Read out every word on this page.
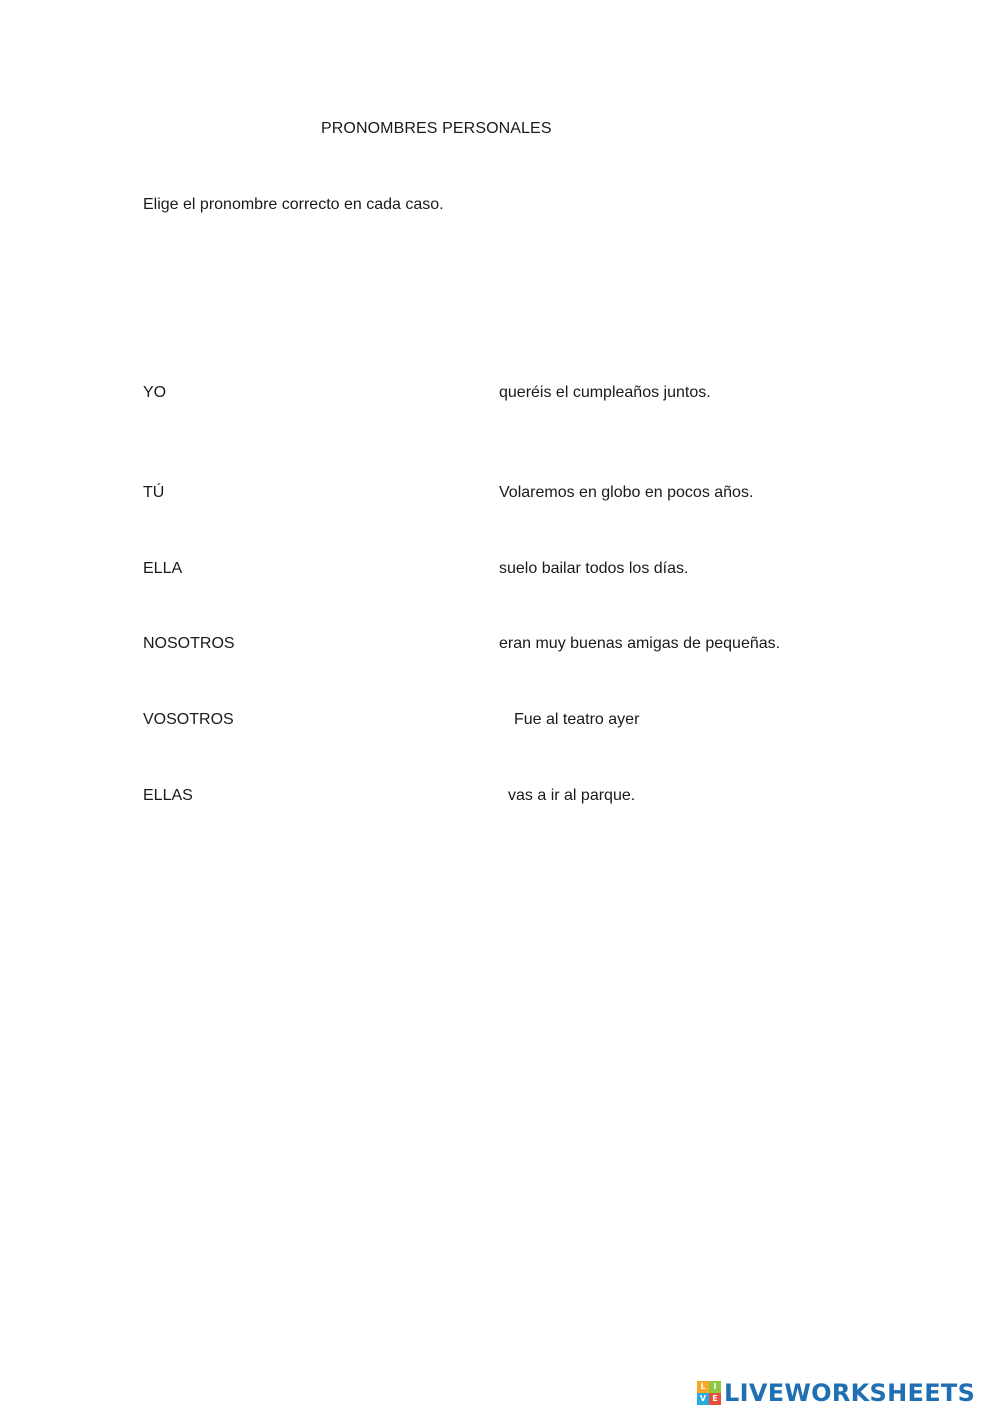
PRONOMBRES PERSONALES
Elige el pronombre correcto en cada caso.
YO	queréis el cumpleaños juntos.
TÚ	Volaremos en globo en pocos años.
ELLA	suelo bailar todos los días.
NOSOTROS	eran muy buenas amigas de pequeñas.
VOSOTROS	Fue al teatro ayer
ELLAS	vas a ir al parque.
L I
V E LIVEWORKSHEETS
